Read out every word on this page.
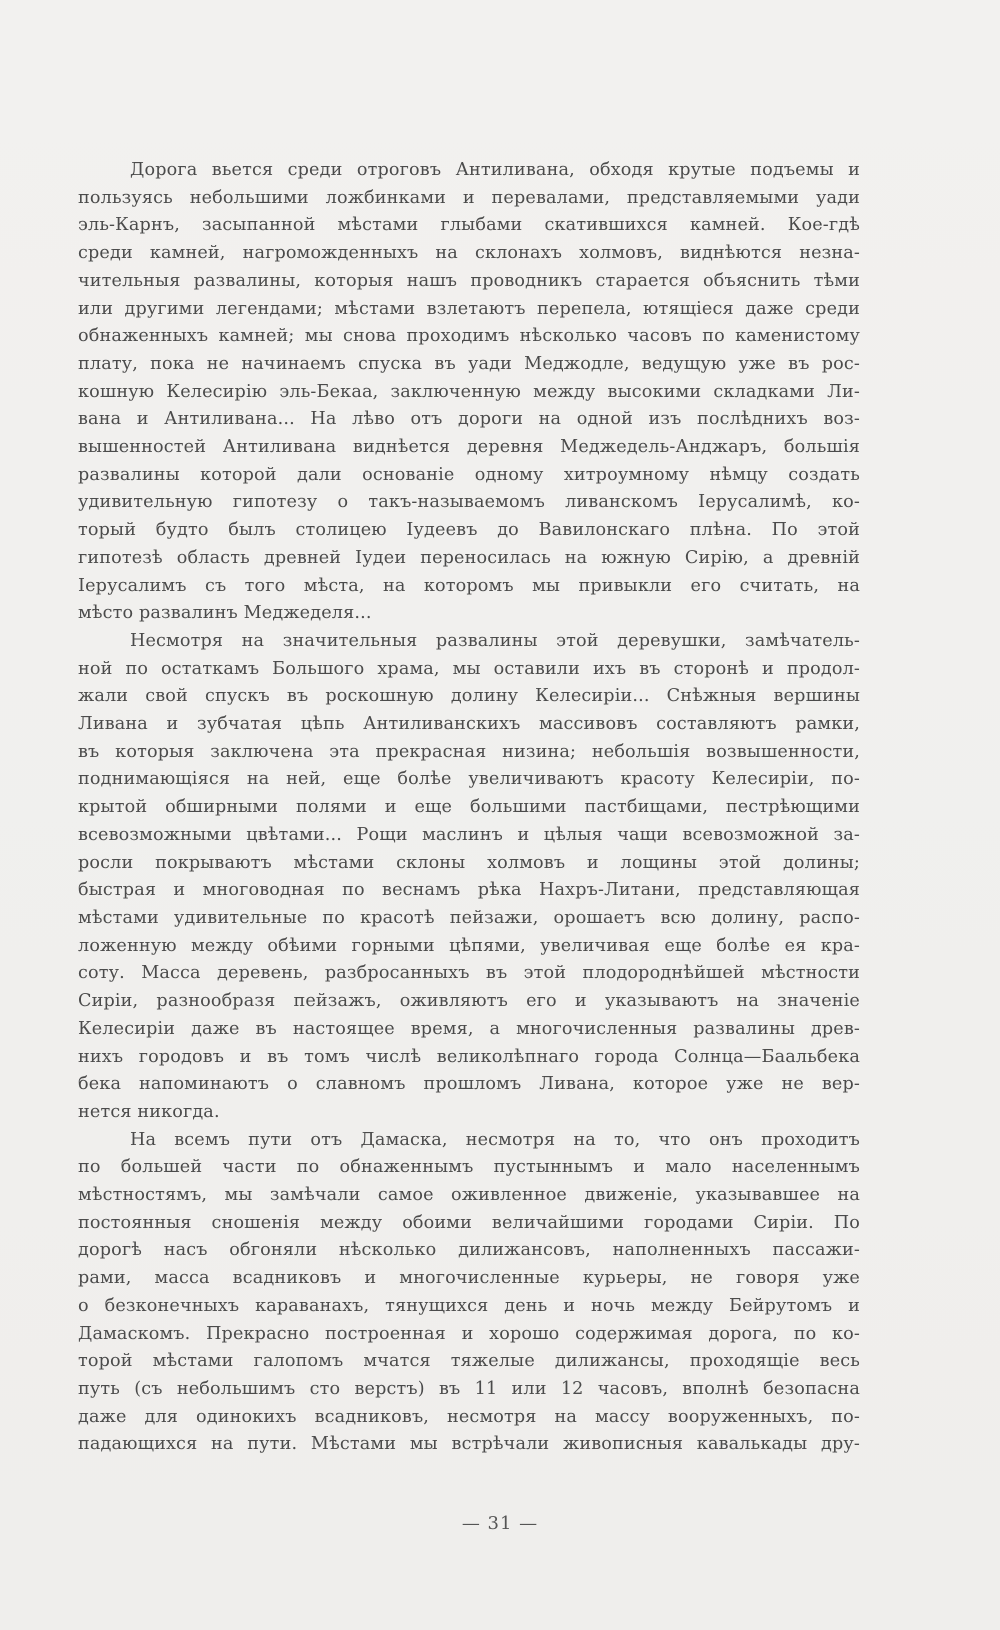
Дорога вьется среди отроговъ Антиливана, обходя крутые подъемы и
пользуясь небольшими ложбинками и перевалами, представляемыми уади
эль-Карнъ, засыпанной мѣстами глыбами скатившихся камней. Кое-гдѣ
среди камней, нагроможденныхъ на склонахъ холмовъ, виднѣются незна-
чительныя развалины, которыя нашъ проводникъ старается объяснить тѣми
или другими легендами; мѣстами взлетаютъ перепела, ютящіеся даже среди
обнаженныхъ камней; мы снова проходимъ нѣсколько часовъ по каменистому
плату, пока не начинаемъ спуска въ уади Меджодле, ведущую уже въ рос-
кошную Келесирію эль-Бекаа, заключенную между высокими складками Ли-
вана и Антиливана... На лѣво отъ дороги на одной изъ послѣднихъ воз-
вышенностей Антиливана виднѣется деревня Меджедель-Анджаръ, большія
развалины которой дали основаніе одному хитроумному нѣмцу создать
удивительную гипотезу о такъ-называемомъ ливанскомъ Іерусалимѣ, ко-
торый будто былъ столицею Іудеевъ до Вавилонскаго плѣна. По этой
гипотезѣ область древней Іудеи переносилась на южную Сирію, а древній
Іерусалимъ съ того мѣста, на которомъ мы привыкли его считать, на
мѣсто развалинъ Меджеделя...

Несмотря на значительныя развалины этой деревушки, замѣчатель-
ной по остаткамъ Большого храма, мы оставили ихъ въ сторонѣ и продол-
жали свой спускъ въ роскошную долину Келесиріи... Снѣжныя вершины
Ливана и зубчатая цѣпь Антиливанскихъ массивовъ составляютъ рамки,
въ которыя заключена эта прекрасная низина; небольшія возвышенности,
поднимающіяся на ней, еще болѣе увеличиваютъ красоту Келесиріи, по-
крытой обширными полями и еще большими пастбищами, пестрѣющими
всевозможными цвѣтами... Рощи маслинъ и цѣлыя чащи всевозможной за-
росли покрываютъ мѣстами склоны холмовъ и лощины этой долины;
быстрая и многоводная по веснамъ рѣка Нахръ-Литани, представляющая
мѣстами удивительные по красотѣ пейзажи, орошаетъ всю долину, распо-
ложенную между обѣими горными цѣпями, увеличивая еще болѣе ея кра-
соту. Масса деревень, разбросанныхъ въ этой плодороднѣйшей мѣстности
Сиріи, разнообразя пейзажъ, оживляютъ его и указываютъ на значеніе
Келесиріи даже въ настоящее время, а многочисленныя развалины древ-
нихъ городовъ и въ томъ числѣ великолѣпнаго города Солнца—Баальбека
бека напоминаютъ о славномъ прошломъ Ливана, которое уже не вер-
нется никогда.

На всемъ пути отъ Дамаска, несмотря на то, что онъ проходитъ
по большей части по обнаженнымъ пустыннымъ и мало населеннымъ
мѣстностямъ, мы замѣчали самое оживленное движеніе, указывавшее на
постоянныя сношенія между обоими величайшими городами Сиріи. По
дорогѣ насъ обгоняли нѣсколько дилижансовъ, наполненныхъ пассажи-
рами, масса всадниковъ и многочисленные курьеры, не говоря уже
о безконечныхъ караванахъ, тянущихся день и ночь между Бейрутомъ и
Дамаскомъ. Прекрасно построенная и хорошо содержимая дорога, по ко-
торой мѣстами галопомъ мчатся тяжелые дилижансы, проходящіе весь
путь (съ небольшимъ сто верстъ) въ 11 или 12 часовъ, вполнѣ безопасна
даже для одинокихъ всадниковъ, несмотря на массу вооруженныхъ, по-
падающихся на пути. Мѣстами мы встрѣчали живописныя кавалькады дру-

— 31 —
